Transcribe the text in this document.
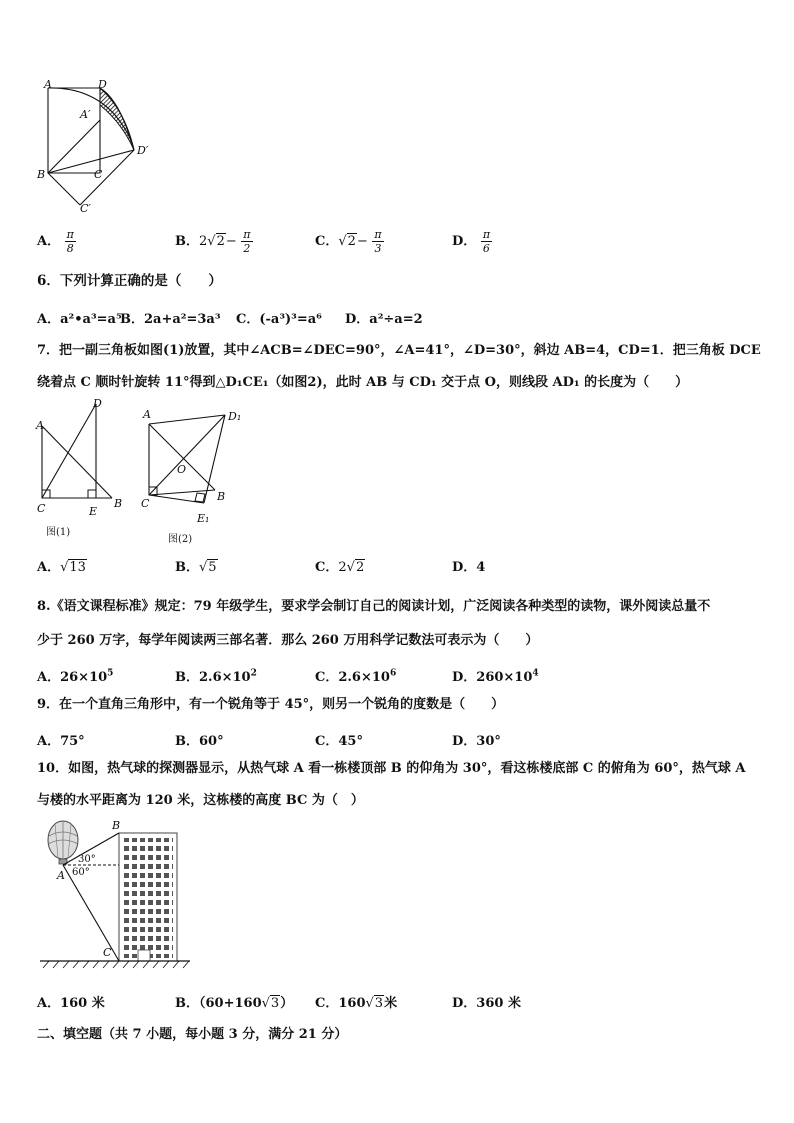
A	D
A′
D′
B	C
C′
A． $\frac{\pi}{8}$	B．$2√2- \frac{\pi}{2}$	C．$√2- \frac{\pi}{3}$	D． $\frac{\pi}{6}$
6．下列计算正确的是（　　）
A．a²•a³=a⁵
B．2a+a²=3a³ C．(-a³)³=a⁶ D．a²÷a=2
7．把一副三角板如图(1)放置，其中∠ACB=∠DEC=90°，∠A=41°，∠D=30°，斜边 AB=4，CD=1．把三角板 DCE
绕着点 C 顺时针旋转 11°得到△D₁CE₁（如图2)，此时 AB 与 CD₁ 交于点 O，则线段 AD₁ 的长度为（　　）
D
A
C	E
B
图(1)
A	D₁
O
C
B
E₁
图(2)
A．√13	B．√5	C．2√2	D．4
8.《语文课程标准》规定：79 年级学生，要求学会制订自己的阅读计划，广泛阅读各种类型的读物，课外阅读总量不
少于 260 万字，每学年阅读两三部名著．那么 260 万用科学记数法可表示为（　　）
A．$26\times 10^5$	B．$2.6\times 10^2$	C．$2.6\times 10^6$	D．$260\times 10^4$
9．在一个直角三角形中，有一个锐角等于 45°，则另一个锐角的度数是（　　）
A．75°	B．60°	C．45°	D．30°
10．如图，热气球的探测器显示，从热气球 A 看一栋楼顶部 B 的仰角为 30°，看这栋楼底部 C 的俯角为 60°，热气球 A
与楼的水平距离为 120 米，这栋楼的高度 BC 为（　）
B
30°
A 60°
C
A．160 米	B．（60+160√3） C．160√3米	D．360 米
二、填空题（共 7 小题，每小题 3 分，满分 21 分）
